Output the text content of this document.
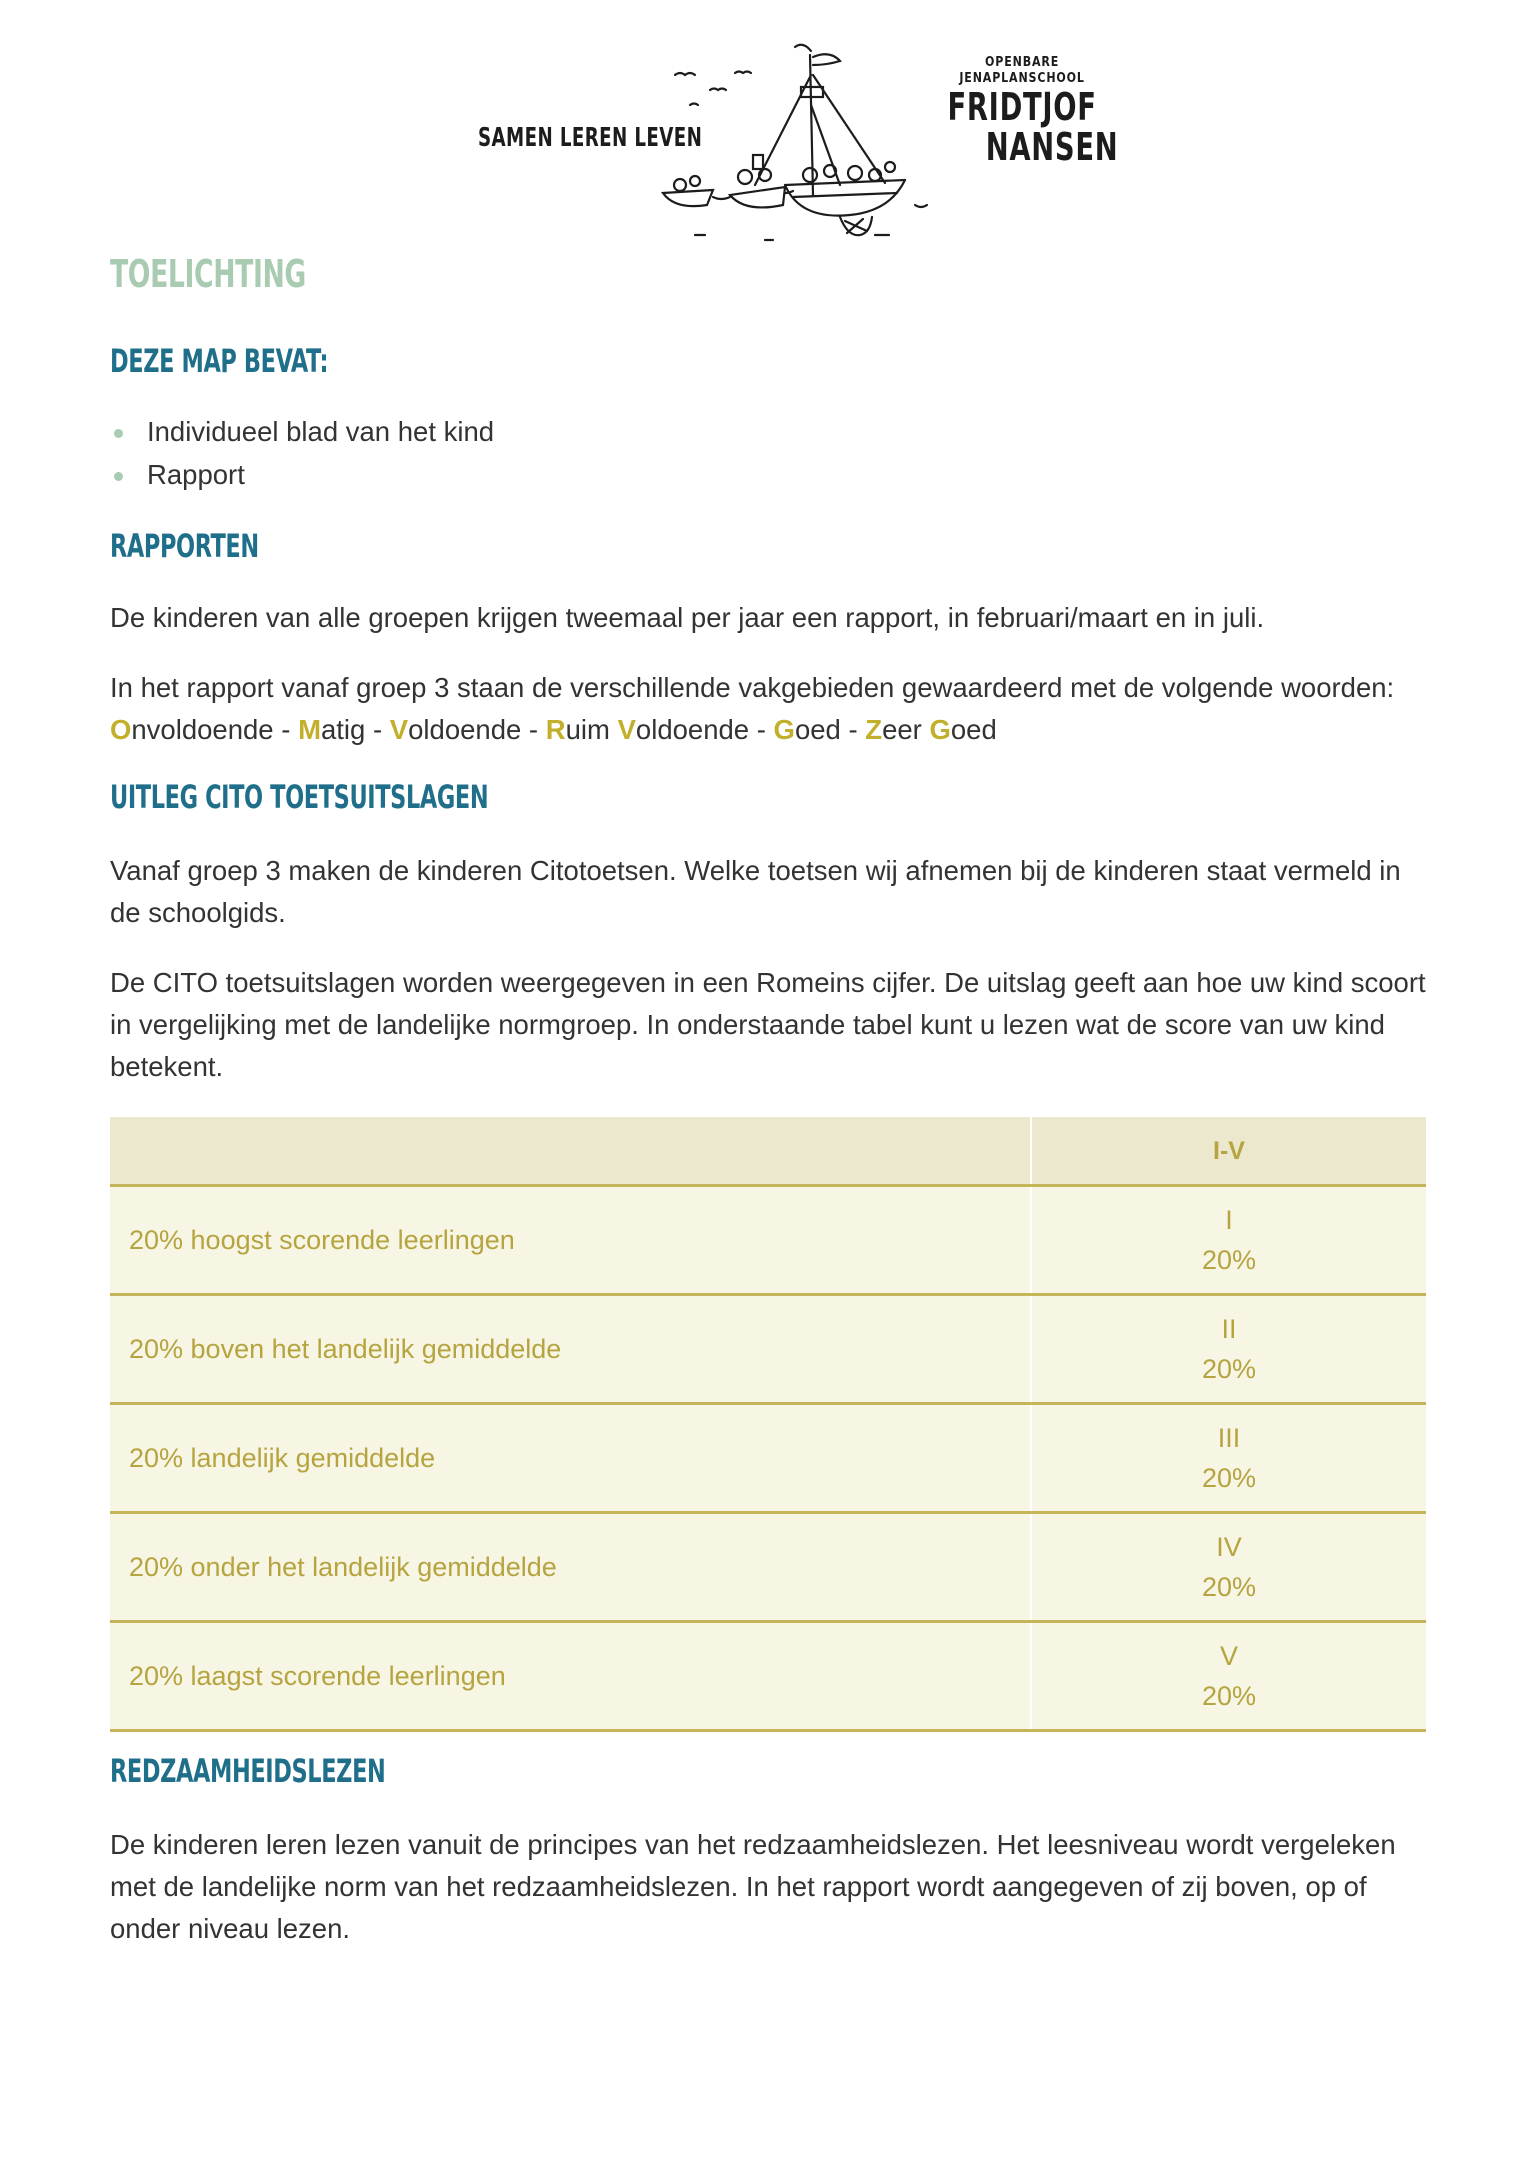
SAMEN LEREN LEVEN
OPENBARE
JENAPLANSCHOOL
FRIDTJOF
NANSEN
TOELICHTING
DEZE MAP BEVAT:
Individueel blad van het kind
Rapport
RAPPORTEN

De kinderen van alle groepen krijgen tweemaal per jaar een rapport, in februari/maart en in juli.

In het rapport vanaf groep 3 staan de verschillende vakgebieden gewaardeerd met de volgende woorden: Onvoldoende - Matig - Voldoende - Ruim Voldoende - Goed - Zeer Goed

UITLEG CITO TOETSUITSLAGEN

Vanaf groep 3 maken de kinderen Citotoetsen. Welke toetsen wij afnemen bij de kinderen staat vermeld in de schoolgids.

De CITO toetsuitslagen worden weergegeven in een Romeins cijfer. De uitslag geeft aan hoe uw kind scoort in vergelijking met de landelijke normgroep. In onderstaande tabel kunt u lezen wat de score van uw kind betekent.

	I-V
20% hoogst scorende leerlingen	I
20%
20% boven het landelijk gemiddelde	II
20%
20% landelijk gemiddelde	III
20%
20% onder het landelijk gemiddelde	IV
20%
20% laagst scorende leerlingen	V
20%
REDZAAMHEIDSLEZEN

De kinderen leren lezen vanuit de principes van het redzaamheidslezen. Het leesniveau wordt vergeleken met de landelijke norm van het redzaamheidslezen. In het rapport wordt aangegeven of zij boven, op of onder niveau lezen.
